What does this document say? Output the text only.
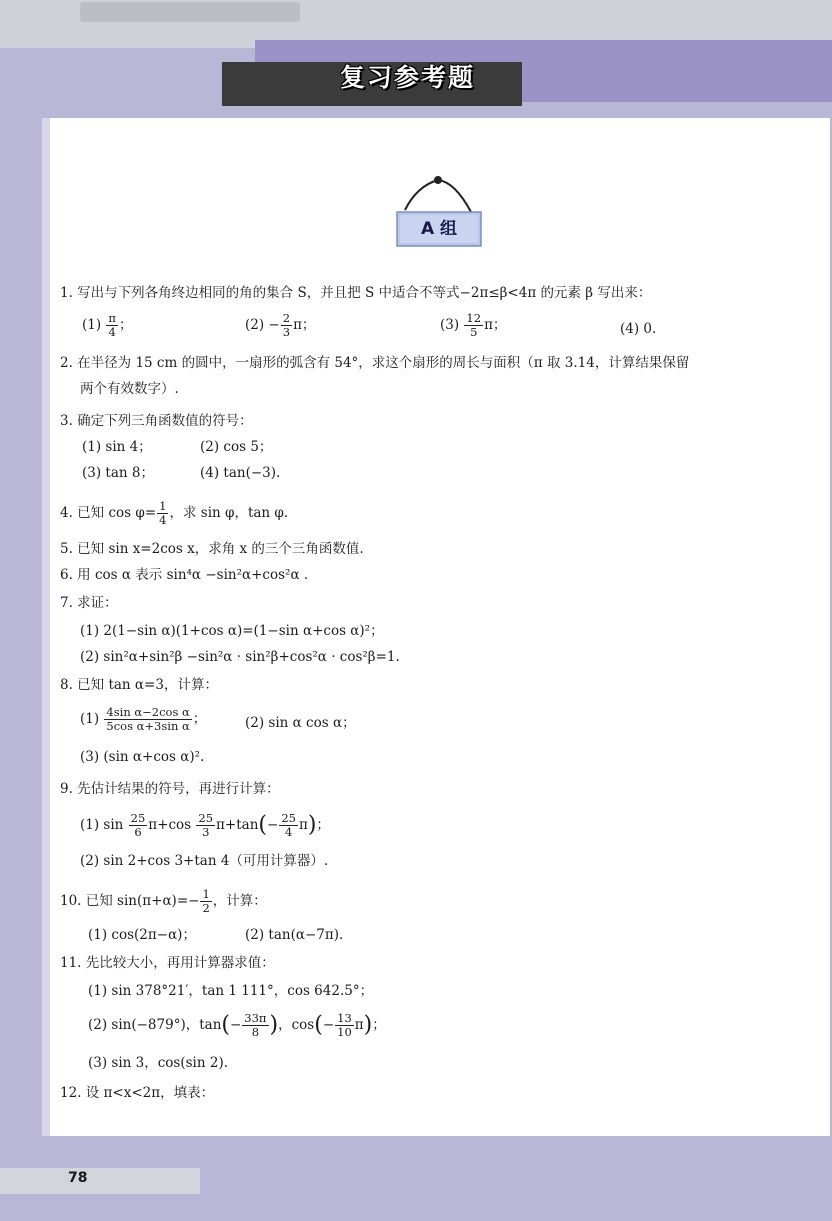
复习参考题
A 组
1. 写出与下列各角终边相同的角的集合 S，并且把 S 中适合不等式−2π≤β<4π 的元素 β 写出来：
$(1) \frac{\pi}{4}$ ；	$(2) - \frac{2}{3}$ π；	$(3) \frac{12}{5}$ π；	(4) 0.
2. 在半径为 15 cm 的圆中，一扇形的弧含有 54°，求这个扇形的周长与面积（π 取 3.14，计算结果保留
两个有效数字）.
3. 确定下列三角函数值的符号：
(1) sin 4；	(2) cos 5；
(3) tan 8；	(4) tan(−3).
4. 已知 $\cos \varphi= \frac{1}{4}$ ，求 sin φ，tan φ.
5. 已知 sin x=2cos x，求角 x 的三个三角函数值.
6. 用 cos α 表示 sin⁴α −sin²α+cos²α .
7. 求证：
(1) 2(1−sin α)(1+cos α)=(1−sin α+cos α)²；
(2) sin²α+sin²β −sin²α · sin²β+cos²α · cos²β=1.
8. 已知 tan α=3，计算：
$(1) \frac{\text{4sin α−2cos α}}{\text{5cos α+3sin α}}$ ；	(2) sin α cos α；
(3) (sin α+cos α)².
9. 先估计结果的符号，再进行计算：
(1) $\sin \frac{25}{6} \pi+\cos \frac{25}{3} \pi+\tan(- \frac{25}{4} \pi)$；
(2) sin 2+cos 3+tan 4（可用计算器）.
10. 已知 $\sin(\pi+\alpha)=- \frac{1}{2}$ ，计算：
(1) cos(2π−α)；	(2) tan(α−7π).
11. 先比较大小，再用计算器求值：
(1) sin 378°21′，tan 1 111°，cos 642.5°；
(2) sin(−879°)，$\tan(- \frac{33\pi}{8}$ )，$\cos(- \frac{13}{10} \pi)$；
(3) sin 3，cos(sin 2).
12. 设 π<x<2π，填表：
78
